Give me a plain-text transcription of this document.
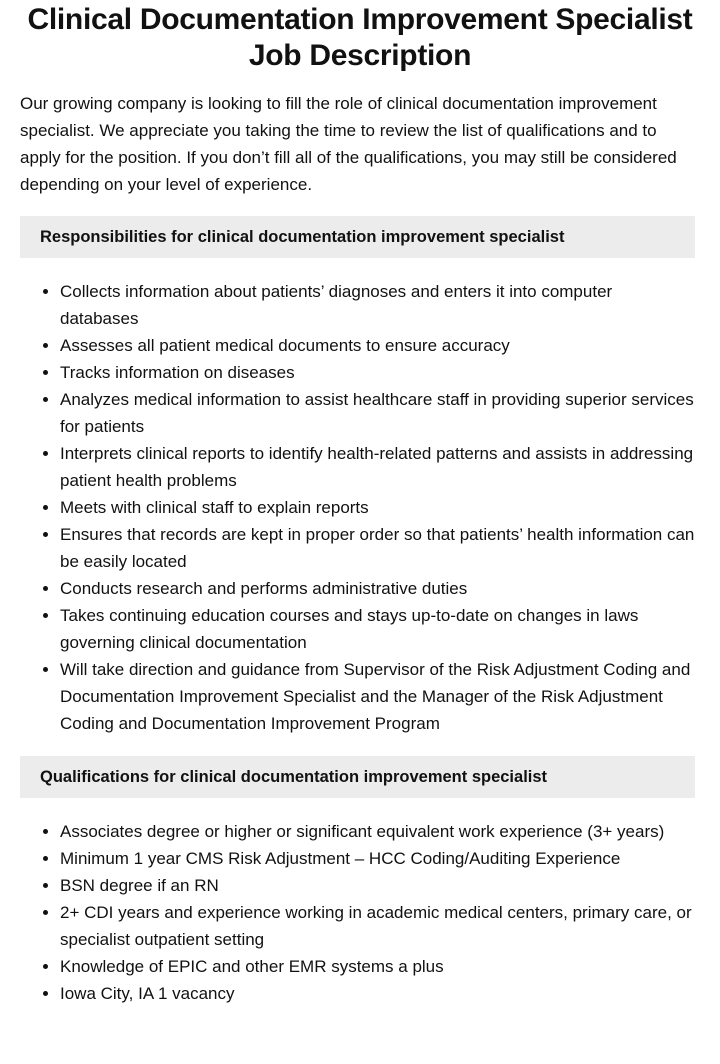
Clinical Documentation Improvement Specialist Job Description

Our growing company is looking to fill the role of clinical documentation improvement specialist. We appreciate you taking the time to review the list of qualifications and to apply for the position. If you don’t fill all of the qualifications, you may still be considered depending on your level of experience.

Responsibilities for clinical documentation improvement specialist
• Collects information about patients’ diagnoses and enters it into computer databases
• Assesses all patient medical documents to ensure accuracy
• Tracks information on diseases
• Analyzes medical information to assist healthcare staff in providing superior services for patients
• Interprets clinical reports to identify health-related patterns and assists in addressing patient health problems
• Meets with clinical staff to explain reports
• Ensures that records are kept in proper order so that patients’ health information can be easily located
• Conducts research and performs administrative duties
• Takes continuing education courses and stays up-to-date on changes in laws governing clinical documentation
• Will take direction and guidance from Supervisor of the Risk Adjustment Coding and Documentation Improvement Specialist and the Manager of the Risk Adjustment Coding and Documentation Improvement Program
Qualifications for clinical documentation improvement specialist
• Associates degree or higher or significant equivalent work experience (3+ years)
• Minimum 1 year CMS Risk Adjustment – HCC Coding/Auditing Experience
• BSN degree if an RN
• 2+ CDI years and experience working in academic medical centers, primary care, or specialist outpatient setting
• Knowledge of EPIC and other EMR systems a plus
• Iowa City, IA 1 vacancy
